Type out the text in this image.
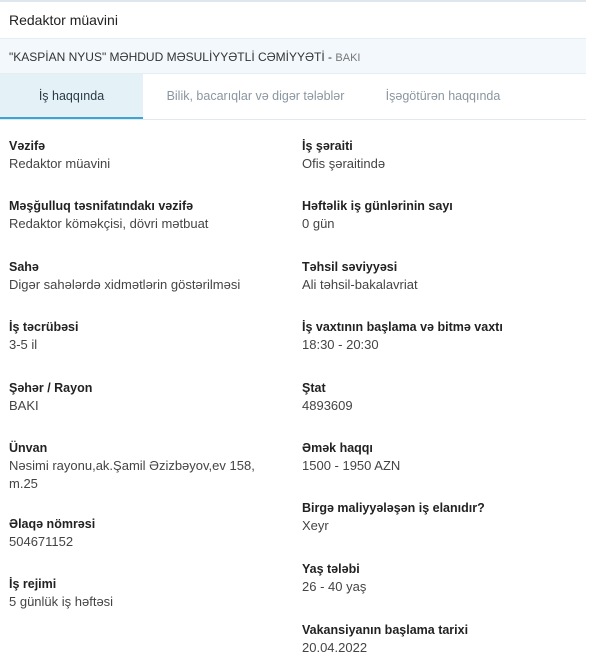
Redaktor müavini
"KASPİAN NYUS" MƏHDUD MƏSULİYYƏTLİ CƏMİYYƏTİ - BAKI
İş haqqında	Bilik, bacarıqlar və digər tələblər	İşəgötürən haqqında
Vəzifə
Redaktor müavini
Məşğulluq təsnifatındakı vəzifə
Redaktor köməkçisi, dövri mətbuat
Sahə
Digər sahələrdə xidmətlərin göstərilməsi
İş təcrübəsi
3-5 il
Şəhər / Rayon
BAKI
Ünvan
Nəsimi rayonu,ak.Şamil Əzizbəyov,ev 158, m.25
Əlaqə nömrəsi
504671152
İş rejimi
5 günlük iş həftəsi
İş şəraiti
Ofis şəraitində
Həftəlik iş günlərinin sayı
0 gün
Təhsil səviyyəsi
Ali təhsil-bakalavriat
İş vaxtının başlama və bitmə vaxtı
18:30 - 20:30
Ştat
4893609
Əmək haqqı
1500 - 1950 AZN
Birgə maliyyələşən iş elanıdır?
Xeyr
Yaş tələbi
26 - 40 yaş
Vakansiyanın başlama tarixi
20.04.2022
